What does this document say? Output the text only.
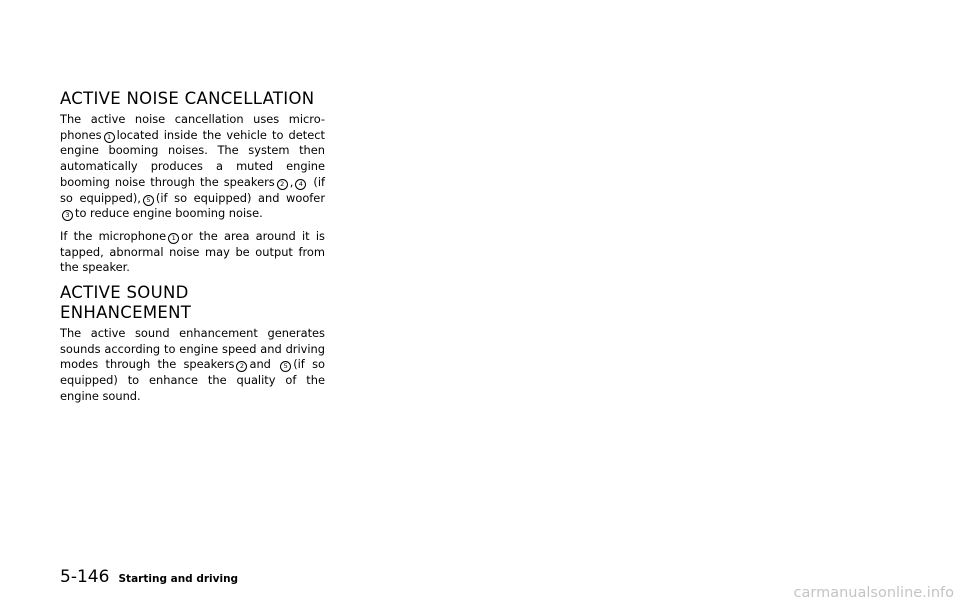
ACTIVE NOISE CANCELLATION

The active noise cancellation uses micro-phones 1 located inside the vehicle to detect engine booming noises. The system then automatically produces a muted engine booming noise through the speakers 2 , 4 (if so equipped), 5 (if so equipped) and woofer3 to reduce engine booming noise.

If the microphone 1 or the area around it is tapped, abnormal noise may be output from the speaker.

ACTIVE SOUND ENHANCEMENT

The active sound enhancement generates sounds according to engine speed and driving modes through the speakers 2 and 5 (if so equipped) to enhance the quality of the engine sound.

5-146 Starting and driving
carmanualsonline.info
